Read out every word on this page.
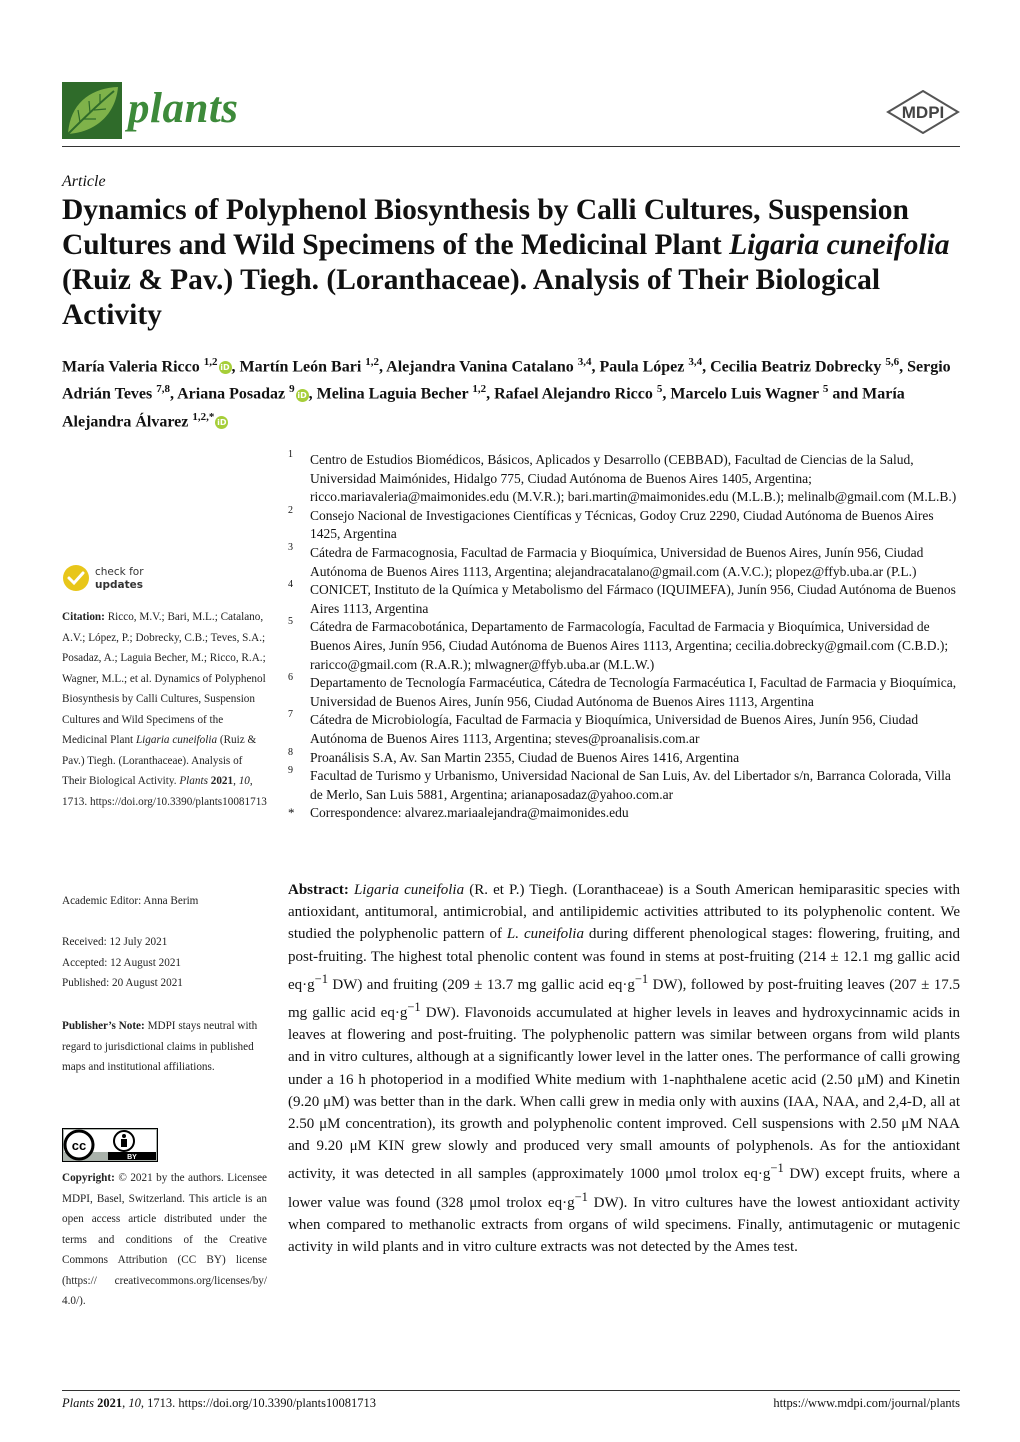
plants	MDPI
Article
Dynamics of Polyphenol Biosynthesis by Calli Cultures, Suspension Cultures and Wild Specimens of the Medicinal Plant Ligaria cuneifolia (Ruiz & Pav.) Tiegh. (Loranthaceae). Analysis of Their Biological Activity
María Valeria Ricco $^{1,2}$ iD , Martín León Bari $^{1,2}$, Alejandra Vanina Catalano $^{3,4}$, Paula López $^{3,4}$, Cecilia Beatriz Dobrecky $^{5,6}$, Sergio Adrián Teves $^{7,8}$, Ariana Posadaz $^9$ iD , Melina Laguia Becher $^{1,2}$, Rafael Alejandro Ricco $^5$, Marcelo Luis Wagner $^5$ and María Alejandra Álvarez $^{1,2,*}$ iD
1 Centro de Estudios Biomédicos, Básicos, Aplicados y Desarrollo (CEBBAD), Facultad de Ciencias de la Salud, Universidad Maimónides, Hidalgo 775, Ciudad Autónoma de Buenos Aires 1405, Argentina; ricco.mariavaleria@maimonides.edu (M.V.R.); bari.martin@maimonides.edu (M.L.B.); melinalb@gmail.com (M.L.B.)
2 Consejo Nacional de Investigaciones Científicas y Técnicas, Godoy Cruz 2290, Ciudad Autónoma de Buenos Aires 1425, Argentina
3 Cátedra de Farmacognosia, Facultad de Farmacia y Bioquímica, Universidad de Buenos Aires, Junín 956, Ciudad Autónoma de Buenos Aires 1113, Argentina; alejandracatalano@gmail.com (A.V.C.); plopez@ffyb.uba.ar (P.L.)
4 CONICET, Instituto de la Química y Metabolismo del Fármaco (IQUIMEFA), Junín 956, Ciudad Autónoma de Buenos Aires 1113, Argentina
5 Cátedra de Farmacobotánica, Departamento de Farmacología, Facultad de Farmacia y Bioquímica, Universidad de Buenos Aires, Junín 956, Ciudad Autónoma de Buenos Aires 1113, Argentina; cecilia.dobrecky@gmail.com (C.B.D.); raricco@gmail.com (R.A.R.); mlwagner@ffyb.uba.ar (M.L.W.)
6 Departamento de Tecnología Farmacéutica, Cátedra de Tecnología Farmacéutica I, Facultad de Farmacia y Bioquímica, Universidad de Buenos Aires, Junín 956, Ciudad Autónoma de Buenos Aires 1113, Argentina
7 Cátedra de Microbiología, Facultad de Farmacia y Bioquímica, Universidad de Buenos Aires, Junín 956, Ciudad Autónoma de Buenos Aires 1113, Argentina; steves@proanalisis.com.ar
8 Proanálisis S.A, Av. San Martin 2355, Ciudad de Buenos Aires 1416, Argentina
9 Facultad de Turismo y Urbanismo, Universidad Nacional de San Luis, Av. del Libertador s/n, Barranca Colorada, Villa de Merlo, San Luis 5881, Argentina; arianaposadaz@yahoo.com.ar
* Correspondence: alvarez.mariaalejandra@maimonides.edu
check for
updates
Citation: Ricco, M.V.; Bari, M.L.; Catalano, A.V.; López, P.; Dobrecky, C.B.; Teves, S.A.; Posadaz, A.; Laguia Becher, M.; Ricco, R.A.; Wagner, M.L.; et al. Dynamics of Polyphenol Biosynthesis by Calli Cultures, Suspension Cultures and Wild Specimens of the Medicinal Plant Ligaria cuneifolia (Ruiz & Pav.) Tiegh. (Loranthaceae). Analysis of Their Biological Activity. Plants 2021, 10, 1713. https://doi.org/10.3390/plants10081713
Academic Editor: Anna Berim
Received: 12 July 2021
Accepted: 12 August 2021
Published: 20 August 2021
Publisher’s Note: MDPI stays neutral with regard to jurisdictional claims in published maps and institutional affiliations.
cc
BY
Copyright: © 2021 by the authors. Licensee MDPI, Basel, Switzerland. This article is an open access article distributed under the terms and conditions of the Creative Commons Attribution (CC BY) license (https:// creativecommons.org/licenses/by/ 4.0/).

Abstract: Ligaria cuneifolia (R. et P.) Tiegh. (Loranthaceae) is a South American hemiparasitic species with antioxidant, antitumoral, antimicrobial, and antilipidemic activities attributed to its polyphenolic content. We studied the polyphenolic pattern of L. cuneifolia during different phenological stages: flowering, fruiting, and post-fruiting. The highest total phenolic content was found in stems at post-fruiting (214 ± 12.1 mg gallic acid $eq\cdot g^{-1}$ DW) and fruiting (209 ± 13.7 mg gallic acid $eq\cdot g^{-1}$ DW), followed by post-fruiting leaves (207 ± 17.5 mg gallic acid $eq\cdot g^{-1}$ DW). Flavonoids accumulated at higher levels in leaves and hydroxycinnamic acids in leaves at flowering and post-fruiting. The polyphenolic pattern was similar between organs from wild plants and in vitro cultures, although at a significantly lower level in the latter ones. The performance of calli growing under a 16 h photoperiod in a modified White medium with 1-naphthalene acetic acid (2.50 μM) and Kinetin (9.20 μM) was better than in the dark. When calli grew in media only with auxins (IAA, NAA, and 2,4-D, all at 2.50 μM concentration), its growth and polyphenolic content improved. Cell suspensions with 2.50 μM NAA and 9.20 μM KIN grew slowly and produced very small amounts of polyphenols. As for the antioxidant activity, it was detected in all samples (approximately 1000 μmol trolox $eq\cdot g^{-1}$ DW) except fruits, where a lower value was found (328 μmol trolox $eq\cdot g^{-1}$ DW). In vitro cultures have the lowest antioxidant activity when compared to methanolic extracts from organs of wild specimens. Finally, antimutagenic or mutagenic activity in wild plants and in vitro culture extracts was not detected by the Ames test.

Plants 2021, 10, 1713. https://doi.org/10.3390/plants10081713	https://www.mdpi.com/journal/plants
